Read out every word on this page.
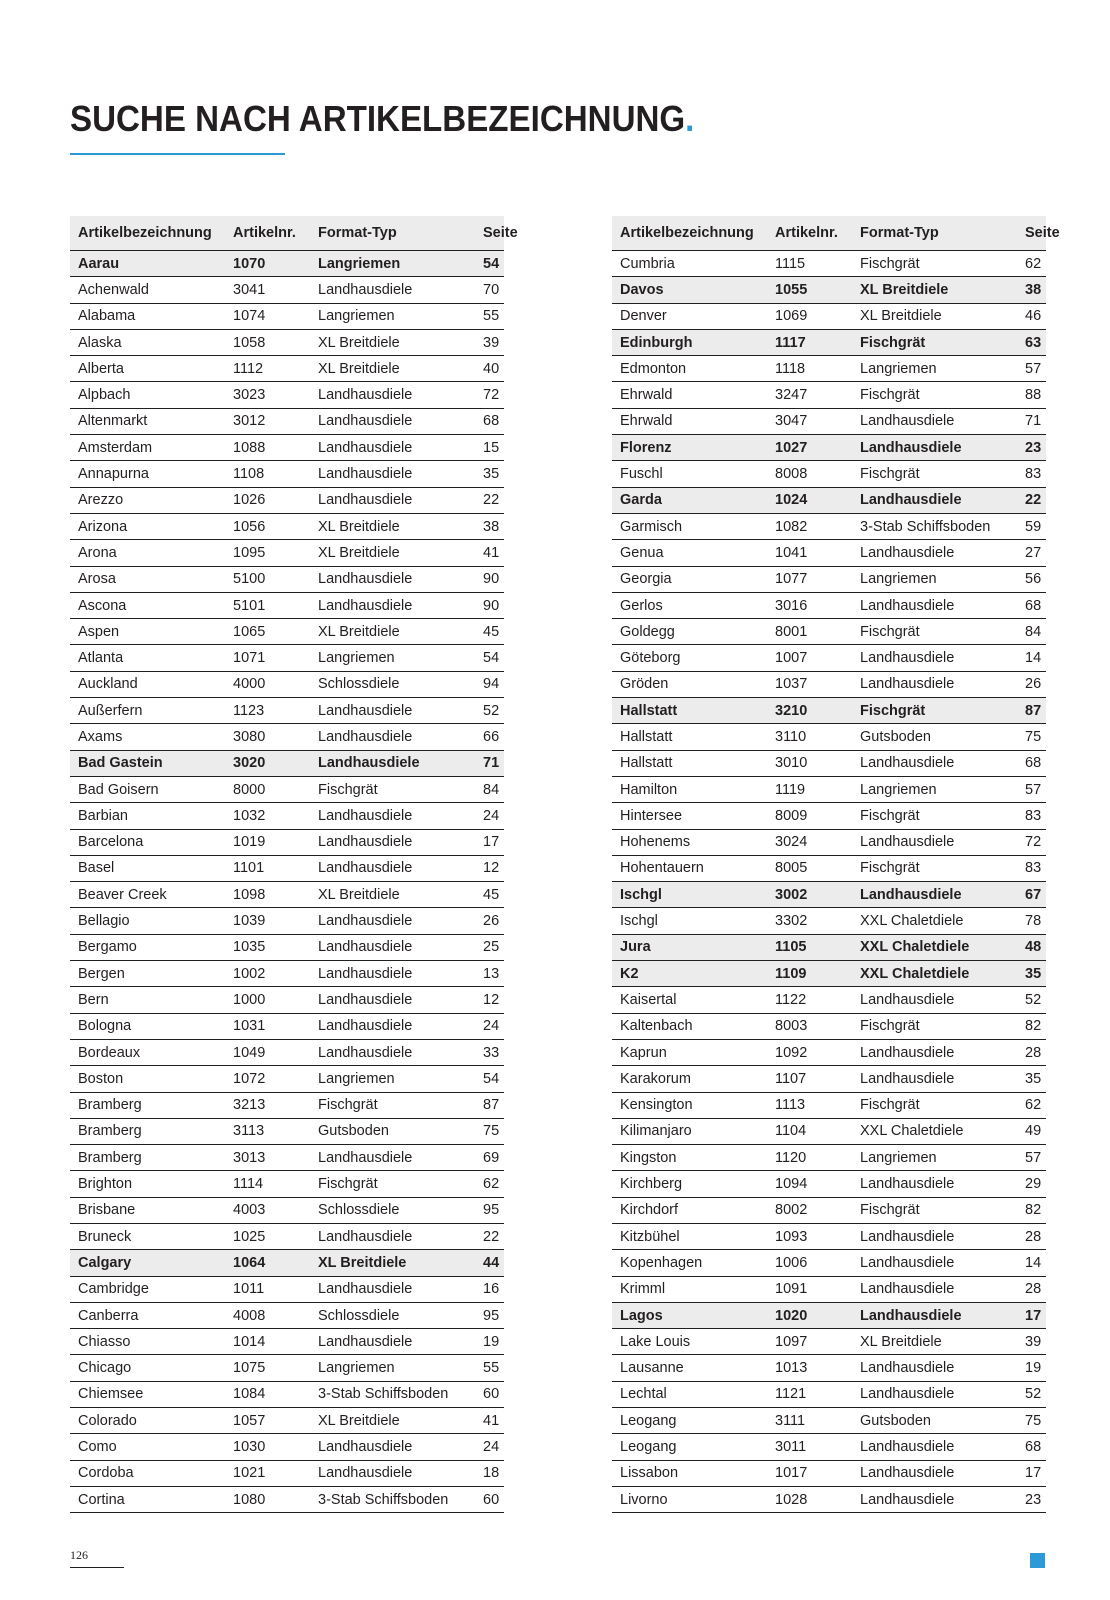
SUCHE NACH ARTIKELBEZEICHNUNG.
Artikelbezeichnung	Artikelnr.	Format-Typ	Seite
Aarau	1070	Langriemen	54
Achenwald	3041	Landhausdiele	70
Alabama	1074	Langriemen	55
Alaska	1058	XL Breitdiele	39
Alberta	1112	XL Breitdiele	40
Alpbach	3023	Landhausdiele	72
Altenmarkt	3012	Landhausdiele	68
Amsterdam	1088	Landhausdiele	15
Annapurna	1108	Landhausdiele	35
Arezzo	1026	Landhausdiele	22
Arizona	1056	XL Breitdiele	38
Arona	1095	XL Breitdiele	41
Arosa	5100	Landhausdiele	90
Ascona	5101	Landhausdiele	90
Aspen	1065	XL Breitdiele	45
Atlanta	1071	Langriemen	54
Auckland	4000	Schlossdiele	94
Außerfern	1123	Landhausdiele	52
Axams	3080	Landhausdiele	66
Bad Gastein	3020	Landhausdiele	71
Bad Goisern	8000	Fischgrät	84
Barbian	1032	Landhausdiele	24
Barcelona	1019	Landhausdiele	17
Basel	1101	Landhausdiele	12
Beaver Creek	1098	XL Breitdiele	45
Bellagio	1039	Landhausdiele	26
Bergamo	1035	Landhausdiele	25
Bergen	1002	Landhausdiele	13
Bern	1000	Landhausdiele	12
Bologna	1031	Landhausdiele	24
Bordeaux	1049	Landhausdiele	33
Boston	1072	Langriemen	54
Bramberg	3213	Fischgrät	87
Bramberg	3113	Gutsboden	75
Bramberg	3013	Landhausdiele	69
Brighton	1114	Fischgrät	62
Brisbane	4003	Schlossdiele	95
Bruneck	1025	Landhausdiele	22
Calgary	1064	XL Breitdiele	44
Cambridge	1011	Landhausdiele	16
Canberra	4008	Schlossdiele	95
Chiasso	1014	Landhausdiele	19
Chicago	1075	Langriemen	55
Chiemsee	1084	3-Stab Schiffsboden	60
Colorado	1057	XL Breitdiele	41
Como	1030	Landhausdiele	24
Cordoba	1021	Landhausdiele	18
Cortina	1080	3-Stab Schiffsboden	60
Artikelbezeichnung	Artikelnr.	Format-Typ	Seite
Cumbria	1115	Fischgrät	62
Davos	1055	XL Breitdiele	38
Denver	1069	XL Breitdiele	46
Edinburgh	1117	Fischgrät	63
Edmonton	1118	Langriemen	57
Ehrwald	3247	Fischgrät	88
Ehrwald	3047	Landhausdiele	71
Florenz	1027	Landhausdiele	23
Fuschl	8008	Fischgrät	83
Garda	1024	Landhausdiele	22
Garmisch	1082	3-Stab Schiffsboden	59
Genua	1041	Landhausdiele	27
Georgia	1077	Langriemen	56
Gerlos	3016	Landhausdiele	68
Goldegg	8001	Fischgrät	84
Göteborg	1007	Landhausdiele	14
Gröden	1037	Landhausdiele	26
Hallstatt	3210	Fischgrät	87
Hallstatt	3110	Gutsboden	75
Hallstatt	3010	Landhausdiele	68
Hamilton	1119	Langriemen	57
Hintersee	8009	Fischgrät	83
Hohenems	3024	Landhausdiele	72
Hohentauern	8005	Fischgrät	83
Ischgl	3002	Landhausdiele	67
Ischgl	3302	XXL Chaletdiele	78
Jura	1105	XXL Chaletdiele	48
K2	1109	XXL Chaletdiele	35
Kaisertal	1122	Landhausdiele	52
Kaltenbach	8003	Fischgrät	82
Kaprun	1092	Landhausdiele	28
Karakorum	1107	Landhausdiele	35
Kensington	1113	Fischgrät	62
Kilimanjaro	1104	XXL Chaletdiele	49
Kingston	1120	Langriemen	57
Kirchberg	1094	Landhausdiele	29
Kirchdorf	8002	Fischgrät	82
Kitzbühel	1093	Landhausdiele	28
Kopenhagen	1006	Landhausdiele	14
Krimml	1091	Landhausdiele	28
Lagos	1020	Landhausdiele	17
Lake Louis	1097	XL Breitdiele	39
Lausanne	1013	Landhausdiele	19
Lechtal	1121	Landhausdiele	52
Leogang	3111	Gutsboden	75
Leogang	3011	Landhausdiele	68
Lissabon	1017	Landhausdiele	17
Livorno	1028	Landhausdiele	23
126
